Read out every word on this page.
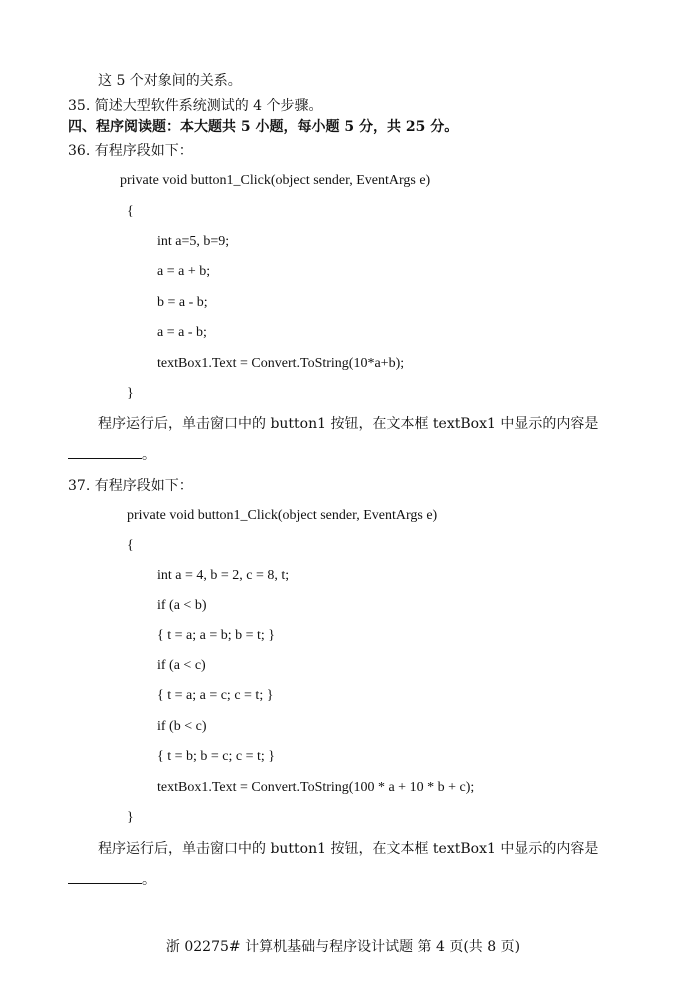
这 5 个对象间的关系。
35. 简述大型软件系统测试的 4 个步骤。
四、程序阅读题：本大题共 5 小题，每小题 5 分，共 25 分。
36. 有程序段如下：
private void button1_Click(object sender, EventArgs e)
{
int a=5, b=9;
a = a + b;
b = a - b;
a = a - b;
textBox1.Text = Convert.ToString(10*a+b);
}
程序运行后，单击窗口中的 button1 按钮，在文本框 textBox1 中显示的内容是
。
37. 有程序段如下：
private void button1_Click(object sender, EventArgs e)
{
int a = 4, b = 2, c = 8, t;
if (a < b)
{ t = a; a = b; b = t; }
if (a < c)
{ t = a; a = c; c = t; }
if (b < c)
{ t = b; b = c; c = t; }
textBox1.Text = Convert.ToString(100 * a + 10 * b + c);
}
程序运行后，单击窗口中的 button1 按钮，在文本框 textBox1 中显示的内容是
。
浙 02275# 计算机基础与程序设计试题 第 4 页(共 8 页)
